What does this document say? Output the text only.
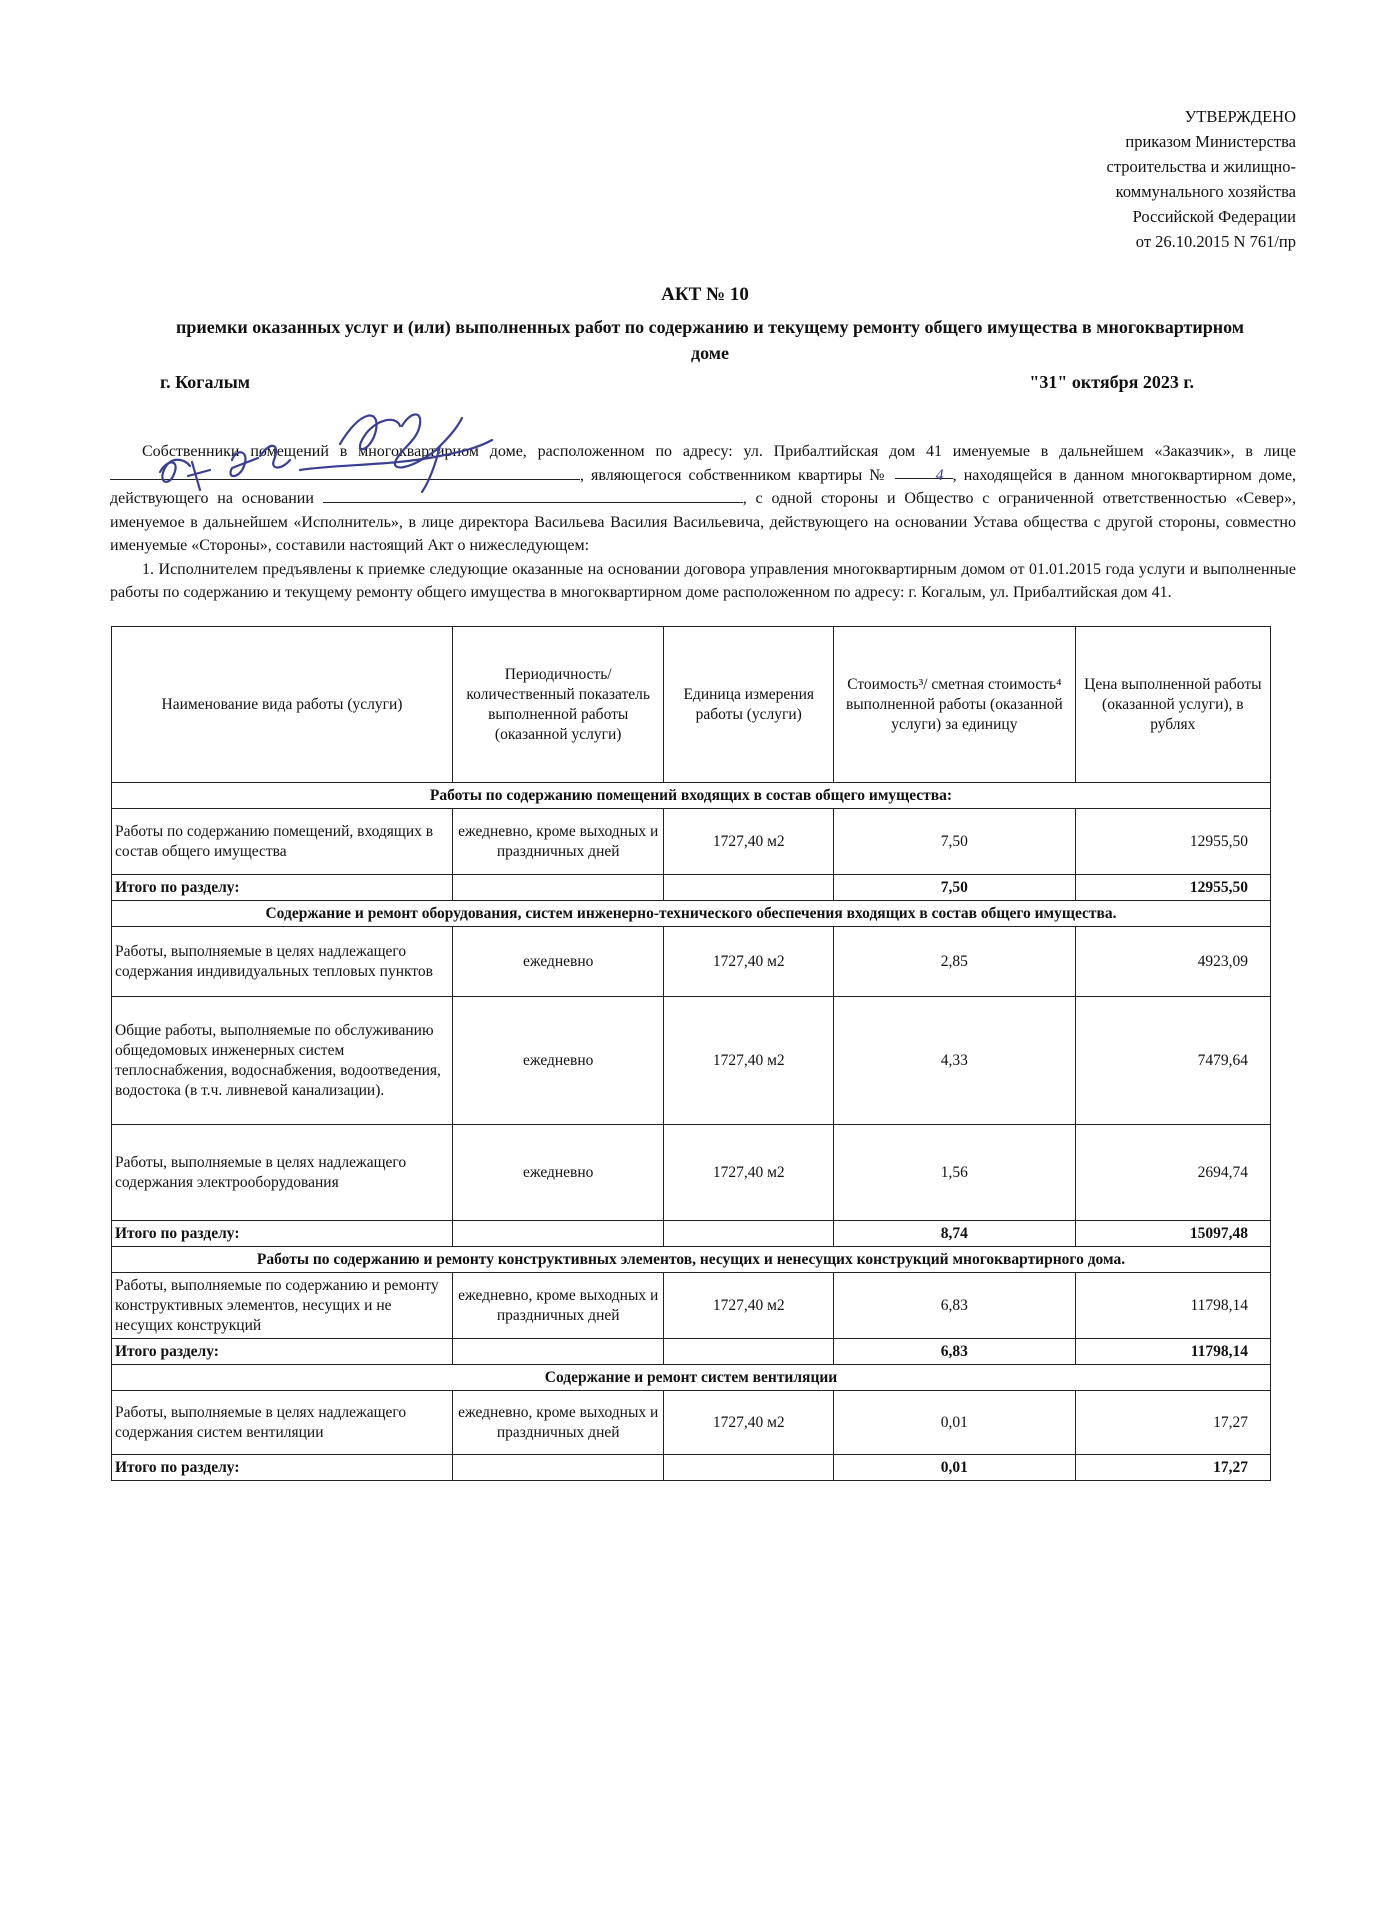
УТВЕРЖДЕНО
приказом Министерства
строительства и жилищно-
коммунального хозяйства
Российской Федерации
от 26.10.2015 N 761/пр
АКТ № 10
приемки оказанных услуг и (или) выполненных работ по содержанию и текущему ремонту общего имущества в многоквартирном доме
г. Когалым	"31" октября 2023 г.

Собственники помещений в многоквартирном доме, расположенном по адресу: ул. Прибалтийская дом 41 именуемые в дальнейшем «Заказчик», в лице , являющегося собственником квартиры №	4 , находящейся в данном многоквартирном доме, действующего на основании	, с одной стороны и Общество с ограниченной ответственностью «Север», именуемое в дальнейшем «Исполнитель», в лице директора Васильева Василия Васильевича, действующего на основании Устава общества с другой стороны, совместно именуемые «Стороны», составили настоящий Акт о нижеследующем:

1. Исполнителем предъявлены к приемке следующие оказанные на основании договора управления многоквартирным домом от 01.01.2015 года услуги и выполненные работы по содержанию и текущему ремонту общего имущества в многоквартирном доме расположенном по адресу: г. Когалым, ул. Прибалтийская дом 41.

Наименование вида работы (услуги)	Периодичность/ количественный показатель выполненной работы (оказанной услуги)	Единица измерения работы (услуги)	Стоимость³/ сметная стоимость⁴ выполненной работы (оказанной услуги) за единицу	Цена выполненной работы (оказанной услуги), в рублях
Работы по содержанию помещений входящих в состав общего имущества:				
Работы по содержанию помещений, входящих в состав общего имущества	ежедневно, кроме выходных и праздничных дней	1727,40 м2	7,50	12955,50
Итого по разделу:			7,50	12955,50
Содержание и ремонт оборудования, систем инженерно-технического обеспечения входящих в состав общего имущества.				
Работы, выполняемые в целях надлежащего содержания индивидуальных тепловых пунктов	ежедневно	1727,40 м2	2,85	4923,09
Общие работы, выполняемые по обслуживанию общедомовых инженерных систем теплоснабжения, водоснабжения, водоотведения, водостока (в т.ч. ливневой канализации).	ежедневно	1727,40 м2	4,33	7479,64
Работы, выполняемые в целях надлежащего содержания электрооборудования	ежедневно	1727,40 м2	1,56	2694,74
Итого по разделу:			8,74	15097,48
Работы по содержанию и ремонту конструктивных элементов, несущих и ненесущих конструкций многоквартирного дома.				
Работы, выполняемые по содержанию и ремонту конструктивных элементов, несущих и не несущих конструкций	ежедневно, кроме выходных и праздничных дней	1727,40 м2	6,83	11798,14
Итого разделу:			6,83	11798,14
Содержание и ремонт систем вентиляции				
Работы, выполняемые в целях надлежащего содержания систем вентиляции	ежедневно, кроме выходных и праздничных дней	1727,40 м2	0,01	17,27
Итого по разделу:			0,01	17,27
